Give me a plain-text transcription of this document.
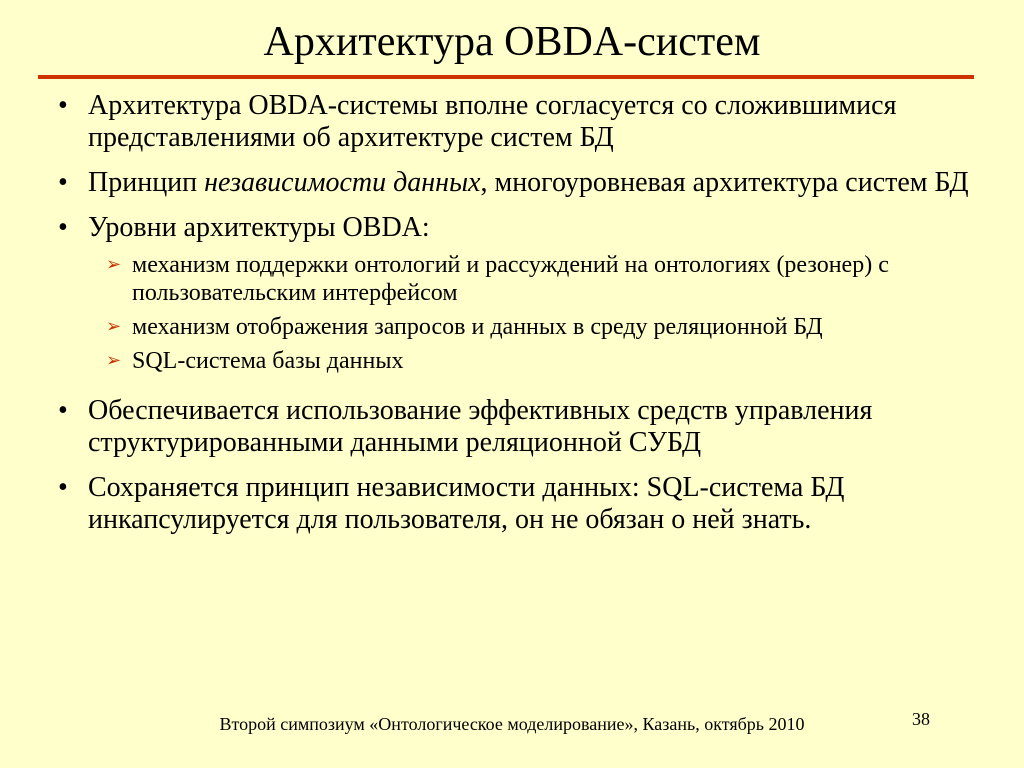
Архитектура OBDA-систем
• Архитектура OBDA-системы вполне согласуется со сложившимися представлениями об архитектуре систем БД
• Принцип независимости данных, многоуровневая архитектура систем БД
• Уровни архитектуры OBDA:
➢ механизм поддержки онтологий и рассуждений на онтологиях (резонер) с пользовательским интерфейсом
➢ механизм отображения запросов и данных в среду реляционной БД
➢ SQL-система базы данных
• Обеспечивается использование эффективных средств управления структурированными данными реляционной СУБД
• Сохраняется принцип независимости данных: SQL-система БД инкапсулируется для пользователя, он не обязан о ней знать.
Второй симпозиум «Онтологическое моделирование», Казань, октябрь 2010	38
